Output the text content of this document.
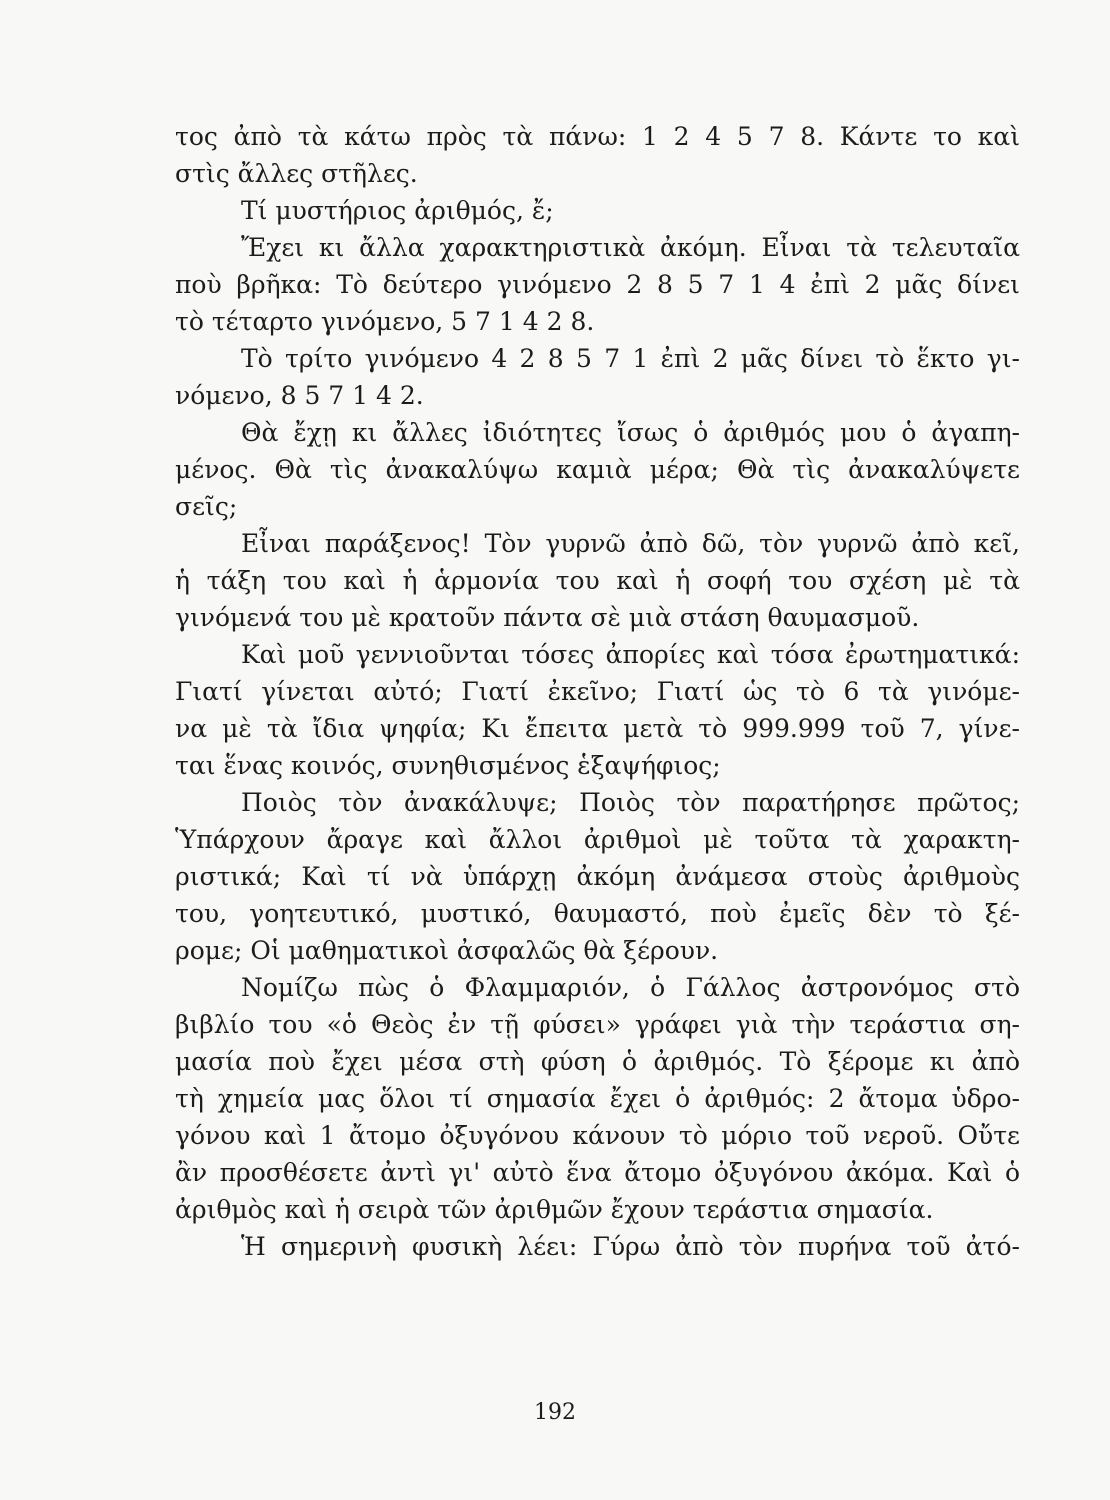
τος ἀπὸ τὰ κάτω πρὸς τὰ πάνω: 1 2 4 5 7 8. Κάντε το καὶ
στὶς ἄλλες στῆλες.
Τί μυστήριος ἀριθμός, ἔ;
Ἔχει κι ἄλλα χαρακτηριστικὰ ἀκόμη. Εἶναι τὰ τελευταῖα
ποὺ βρῆκα: Τὸ δεύτερο γινόμενο 2 8 5 7 1 4 ἐπὶ 2 μᾶς δίνει
τὸ τέταρτο γινόμενο, 5 7 1 4 2 8.
Τὸ τρίτο γινόμενο 4 2 8 5 7 1 ἐπὶ 2 μᾶς δίνει τὸ ἕκτο γι-
νόμενο, 8 5 7 1 4 2.
Θὰ ἔχῃ κι ἄλλες ἰδιότητες ἴσως ὁ ἀριθμός μου ὁ ἀγαπη-
μένος. Θὰ τὶς ἀνακαλύψω καμιὰ μέρα; Θὰ τὶς ἀνακαλύψετε
σεῖς;
Εἶναι παράξενος! Τὸν γυρνῶ ἀπὸ δῶ, τὸν γυρνῶ ἀπὸ κεῖ,
ἡ τάξη του καὶ ἡ ἁρμονία του καὶ ἡ σοφή του σχέση μὲ τὰ
γινόμενά του μὲ κρατοῦν πάντα σὲ μιὰ στάση θαυμασμοῦ.
Καὶ μοῦ γεννιοῦνται τόσες ἀπορίες καὶ τόσα ἐρωτηματικά:
Γιατί γίνεται αὐτό; Γιατί ἐκεῖνο; Γιατί ὡς τὸ 6 τὰ γινόμε-
να μὲ τὰ ἴδια ψηφία; Κι ἔπειτα μετὰ τὸ 999.999 τοῦ 7, γίνε-
ται ἕνας κοινός, συνηθισμένος ἑξαψήφιος;
Ποιὸς τὸν ἀνακάλυψε; Ποιὸς τὸν παρατήρησε πρῶτος;
Ὑπάρχουν ἄραγε καὶ ἄλλοι ἀριθμοὶ μὲ τοῦτα τὰ χαρακτη-
ριστικά; Καὶ τί νὰ ὑπάρχῃ ἀκόμη ἀνάμεσα στοὺς ἀριθμοὺς
του, γοητευτικό, μυστικό, θαυμαστό, ποὺ ἐμεῖς δὲν τὸ ξέ-
ρομε; Οἱ μαθηματικοὶ ἀσφαλῶς θὰ ξέρουν.
Νομίζω πὼς ὁ Φλαμμαριόν, ὁ Γάλλος ἀστρονόμος στὸ
βιβλίο του «ὁ Θεὸς ἐν τῇ φύσει» γράφει γιὰ τὴν τεράστια ση-
μασία ποὺ ἔχει μέσα στὴ φύση ὁ ἀριθμός. Τὸ ξέρομε κι ἀπὸ
τὴ χημεία μας ὅλοι τί σημασία ἔχει ὁ ἀριθμός: 2 ἄτομα ὑδρο-
γόνου καὶ 1 ἄτομο ὀξυγόνου κάνουν τὸ μόριο τοῦ νεροῦ. Οὔτε
ἂν προσθέσετε ἀντὶ γι' αὐτὸ ἕνα ἄτομο ὀξυγόνου ἀκόμα. Καὶ ὁ
ἀριθμὸς καὶ ἡ σειρὰ τῶν ἀριθμῶν ἔχουν τεράστια σημασία.
Ἡ σημερινὴ φυσικὴ λέει: Γύρω ἀπὸ τὸν πυρήνα τοῦ ἀτό-
192
